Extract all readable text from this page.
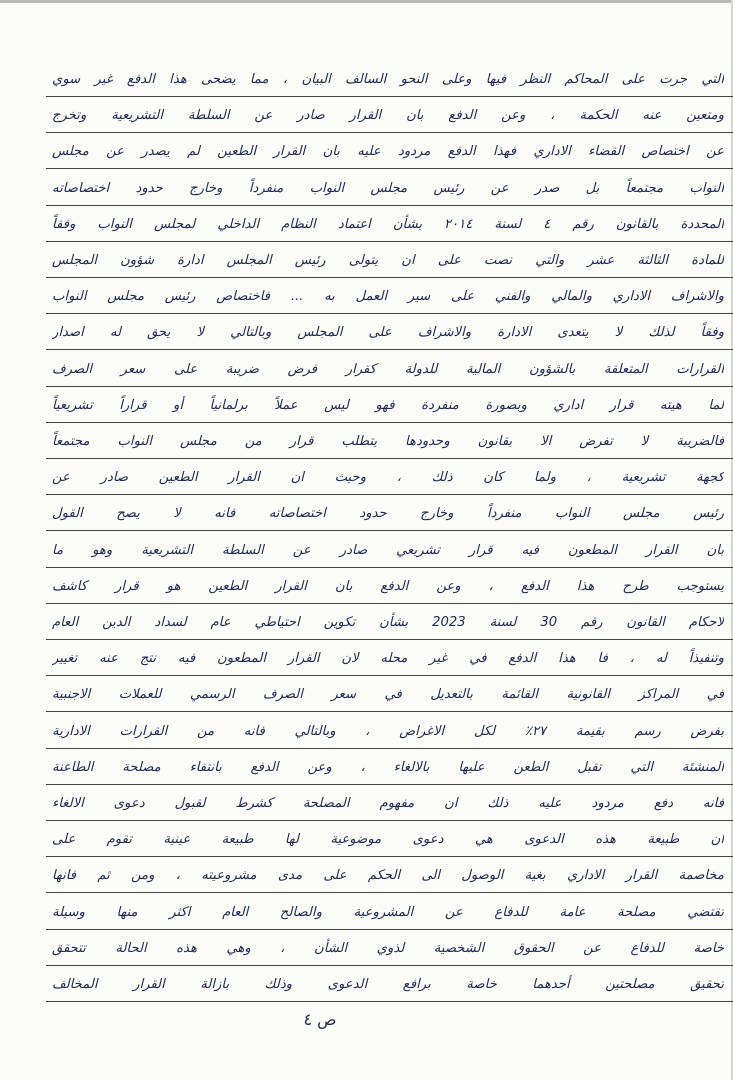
التي جرت على المحاكم النظر فيها وعلى النحو السالف البيان ، مما يضحى هذا الدفع غير سوي
ومتعين عنه الحكمة ، وعن الدفع بان القرار صادر عن السلطة التشريعية وتخرج
عن اختصاص القضاء الاداري فهذا الدفع مردود عليه بان القرار الطعين لم يصدر عن مجلس
النواب مجتمعاً بل صدر عن رئيس مجلس النواب منفرداً وخارج حدود اختصاصاته
المحددة بالقانون رقم ٤ لسنة ٢٠١٤ بشأن اعتماد النظام الداخلي لمجلس النواب وفقاً
للمادة الثالثة عشر والتي نصت على ان يتولى رئيس المجلس ادارة شؤون المجلس
والاشراف الاداري والمالي والفني على سير العمل به ... فاختصاص رئيس مجلس النواب
وفقاً لذلك لا يتعدى الادارة والاشراف على المجلس وبالتالي لا يحق له اصدار
القرارات المتعلقة بالشؤون المالية للدولة كقرار فرض ضريبة على سعر الصرف
لما هيته قرار اداري وبصورة منفردة فهو ليس عملاً برلمانياً أو قراراً تشريعياً
فالضريبة لا تفرض الا بقانون وحدودها يتطلب قرار من مجلس النواب مجتمعاً
كجهة تشريعية ، ولما كان ذلك ، وحيث ان القرار الطعين صادر عن
رئيس مجلس النواب منفرداً وخارج حدود اختصاصاته فانه لا يصح القول
بان القرار المطعون فيه قرار تشريعي صادر عن السلطة التشريعية وهو ما
يستوجب طرح هذا الدفع ، وعن الدفع بان القرار الطعين هو قرار كاشف
لاحكام القانون رقم 30 لسنة 2023 بشأن تكوين احتياطي عام لسداد الدين العام
وتنفيذاً له ، فا هذا الدفع في غير محله لان القرار المطعون فيه نتج عنه تغيير
في المراكز القانونية القائمة بالتعديل في سعر الصرف الرسمي للعملات الاجنبية
بفرض رسم بقيمة ٢٧٪ لكل الاغراض ، وبالتالي فانه من القرارات الادارية
المنشئة التي تقبل الطعن عليها بالالغاء ، وعن الدفع بانتفاء مصلحة الطاعنة
فانه دفع مردود عليه ذلك ان مفهوم المصلحة كشرط لقبول دعوى الالغاء
ان طبيعة هذه الدعوى هي دعوى موضوعية لها طبيعة عينية تقوم على
مخاصمة القرار الاداري بغية الوصول الى الحكم على مدى مشروعيته ، ومن ثم فانها
تقتضي مصلحة عامة للدفاع عن المشروعية والصالح العام اكثر منها وسيلة
خاصة للدفاع عن الحقوق الشخصية لذوي الشأن ، وهي هذه الحالة تتحقق
تحقيق مصلحتين أحدهما خاصة برافع الدعوى وذلك بازالة القرار المخالف
ص ٤
